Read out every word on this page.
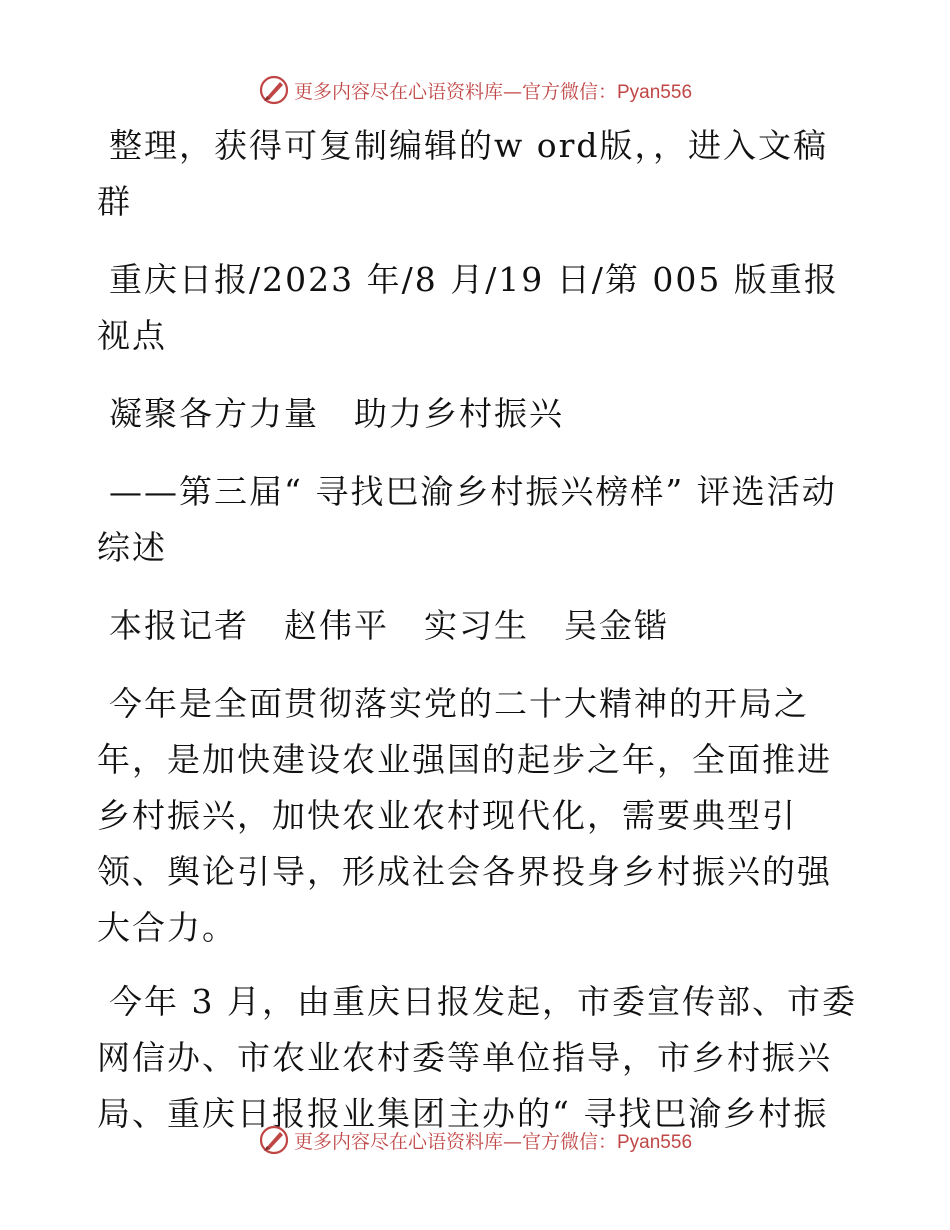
更多内容尽在心语资料库—官方微信：Pyan556

整理，获得可复制编辑的w ord版，，进入文稿群

重庆日报/2023 年/8 月/19 日/第 005 版重报视点

凝聚各方力量　助力乡村振兴

——第三届“ 寻找巴渝乡村振兴榜样” 评选活动综述

本报记者　赵伟平　实习生　吴金锴

今年是全面贯彻落实党的二十大精神的开局之年，是加快建设农业强国的起步之年，全面推进乡村振兴，加快农业农村现代化，需要典型引领、舆论引导，形成社会各界投身乡村振兴的强大合力。

今年 3 月，由重庆日报发起，市委宣传部、市委网信办、市农业农村委等单位指导，市乡村振兴局、重庆日报报业集团主办的“ 寻找巴渝乡村振

更多内容尽在心语资料库—官方微信：Pyan556
